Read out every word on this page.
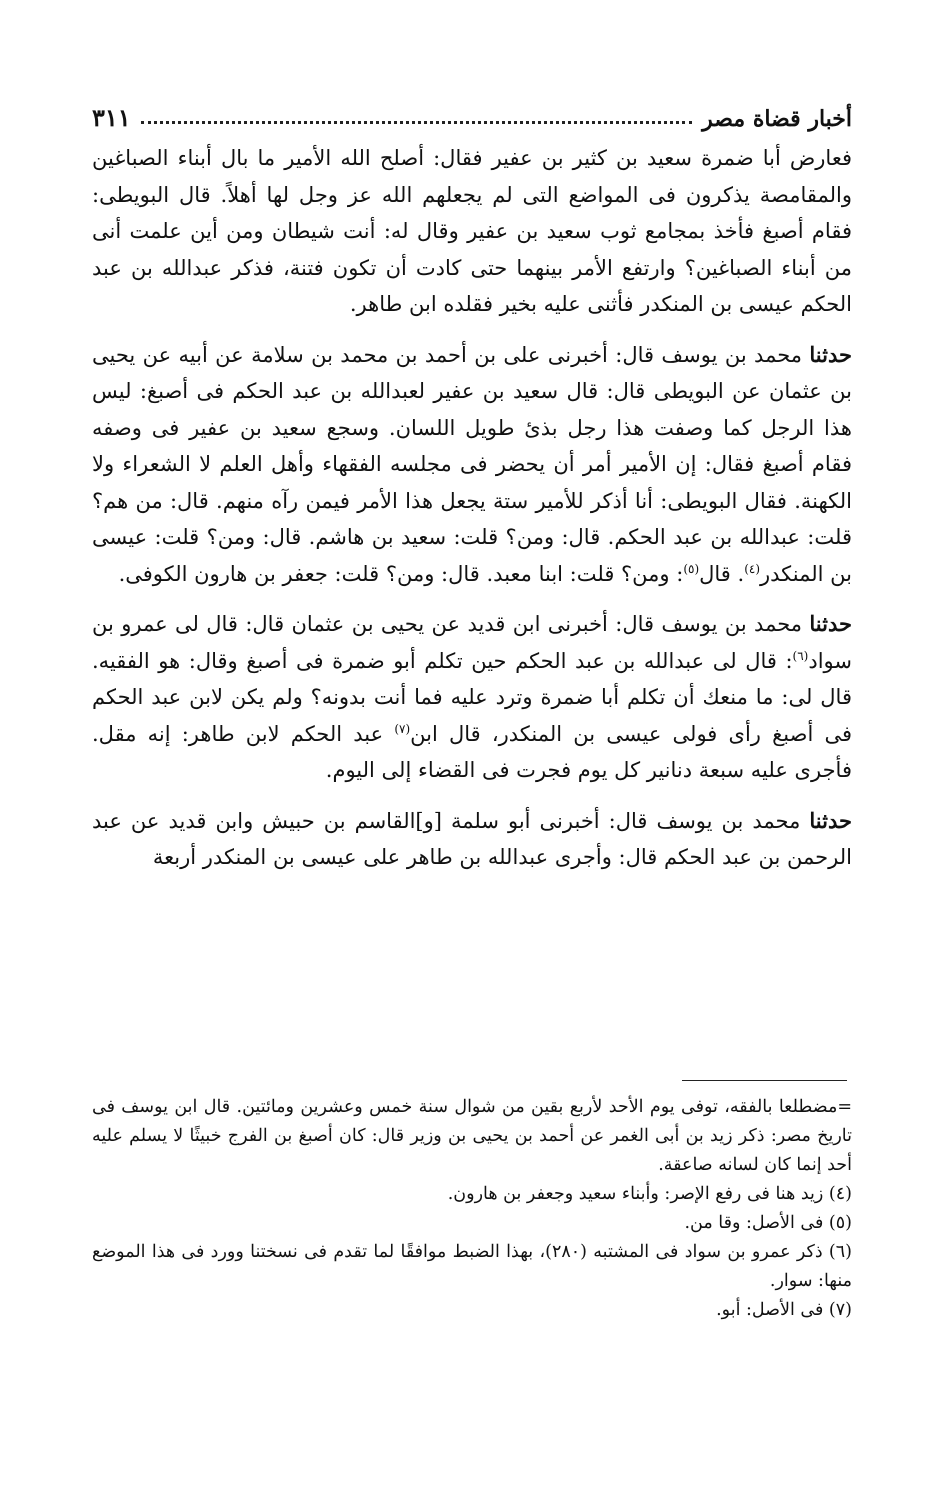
أخبار قضاة مصر
٣١١

فعارض أبا ضمرة سعيد بن كثير بن عفير فقال: أصلح الله الأمير ما بال أبناء الصباغين والمقامصة يذكرون فى المواضع التى لم يجعلهم الله عز وجل لها أهلاً. قال البويطى: فقام أصبغ فأخذ بمجامع ثوب سعيد بن عفير وقال له: أنت شيطان ومن أين علمت أنى من أبناء الصباغين؟ وارتفع الأمر بينهما حتى كادت أن تكون فتنة، فذكر عبدالله بن عبد الحكم عيسى بن المنكدر فأثنى عليه بخير فقلده ابن طاهر.

حدثنا محمد بن يوسف قال: أخبرنى على بن أحمد بن محمد بن سلامة عن أبيه عن يحيى بن عثمان عن البويطى قال: قال سعيد بن عفير لعبدالله بن عبد الحكم فى أصبغ: ليس هذا الرجل كما وصفت هذا رجل بذئ طويل اللسان. وسجع سعيد بن عفير فى وصفه فقام أصبغ فقال: إن الأمير أمر أن يحضر فى مجلسه الفقهاء وأهل العلم لا الشعراء ولا الكهنة. فقال البويطى: أنا أذكر للأمير ستة يجعل هذا الأمر فيمن رآه منهم. قال: من هم؟ قلت: عبدالله بن عبد الحكم. قال: ومن؟ قلت: سعيد بن هاشم. قال: ومن؟ قلت: عيسى بن المنكدر$^{(٤)}$. قال$^{(٥)}$: ومن؟ قلت: ابنا معبد. قال: ومن؟ قلت: جعفر بن هارون الكوفى.

حدثنا محمد بن يوسف قال: أخبرنى ابن قديد عن يحيى بن عثمان قال: قال لى عمرو بن سواد$^{(٦)}$: قال لى عبدالله بن عبد الحكم حين تكلم أبو ضمرة فى أصبغ وقال: هو الفقيه. قال لى: ما منعك أن تكلم أبا ضمرة وترد عليه فما أنت بدونه؟ ولم يكن لابن عبد الحكم فى أصبغ رأى فولى عيسى بن المنكدر، قال ابن$^{(٧)}$ عبد الحكم لابن طاهر: إنه مقل. فأجرى عليه سبعة دنانير كل يوم فجرت فى القضاء إلى اليوم.

حدثنا محمد بن يوسف قال: أخبرنى أبو سلمة [و]القاسم بن حبيش وابن قديد عن عبد الرحمن بن عبد الحكم قال: وأجرى عبدالله بن طاهر على عيسى بن المنكدر أربعة

=مضطلعا بالفقه، توفى يوم الأحد لأربع بقين من شوال سنة خمس وعشرين ومائتين. قال ابن يوسف فى تاريخ مصر: ذكر زيد بن أبى الغمر عن أحمد بن يحيى بن وزير قال: كان أصبغ بن الفرج خبيثًا لا يسلم عليه أحد إنما كان لسانه صاعقة.

(٤) زيد هنا فى رفع الإصر: وأبناء سعيد وجعفر بن هارون.

(٥) فى الأصل: وقا من.

(٦) ذكر عمرو بن سواد فى المشتبه (٢٨٠)، بهذا الضبط موافقًا لما تقدم فى نسختنا وورد فى هذا الموضع منها: سوار.

(٧) فى الأصل: أبو.
